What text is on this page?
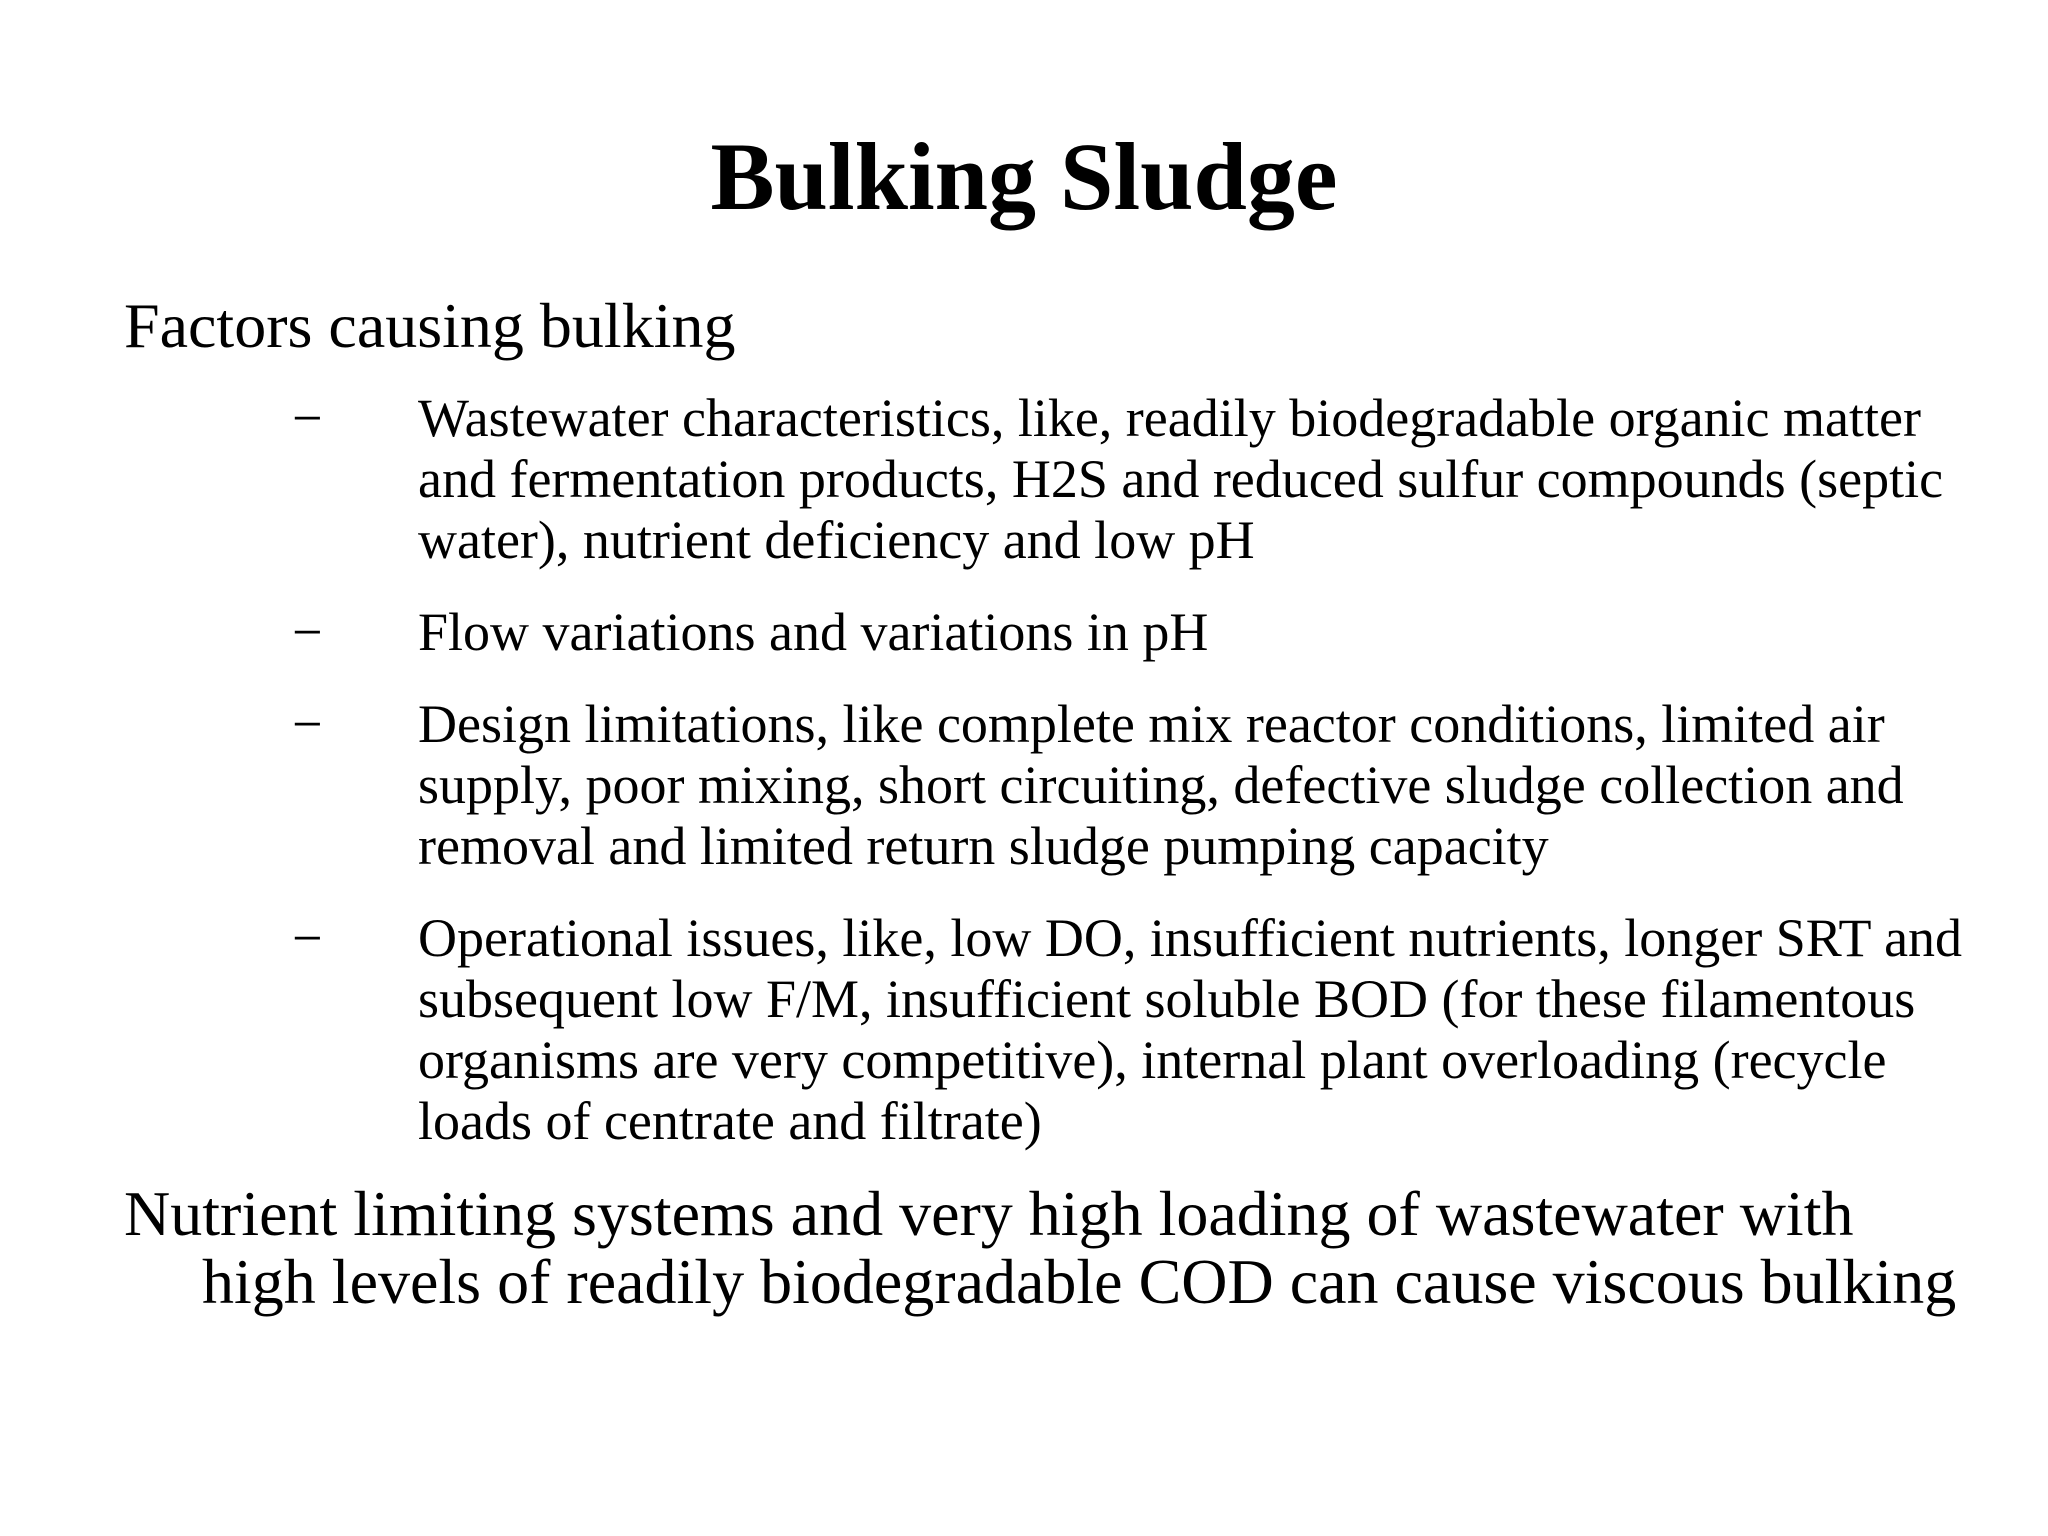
Bulking Sludge

Factors causing bulking

−	Wastewater characteristics, like, readily biodegradable organic matter and fermentation products, H2S and reduced sulfur compounds (septic water), nutrient deficiency and low pH
−	Flow variations and variations in pH
−	Design limitations, like complete mix reactor conditions, limited air supply, poor mixing, short circuiting, defective sludge collection and removal and limited return sludge pumping capacity
−	Operational issues, like, low DO, insufficient nutrients, longer SRT and subsequent low F/M, insufficient soluble BOD (for these filamentous organisms are very competitive), internal plant overloading (recycle loads of centrate and filtrate)

Nutrient limiting systems and very high loading of wastewater with high levels of readily biodegradable COD can cause viscous bulking
